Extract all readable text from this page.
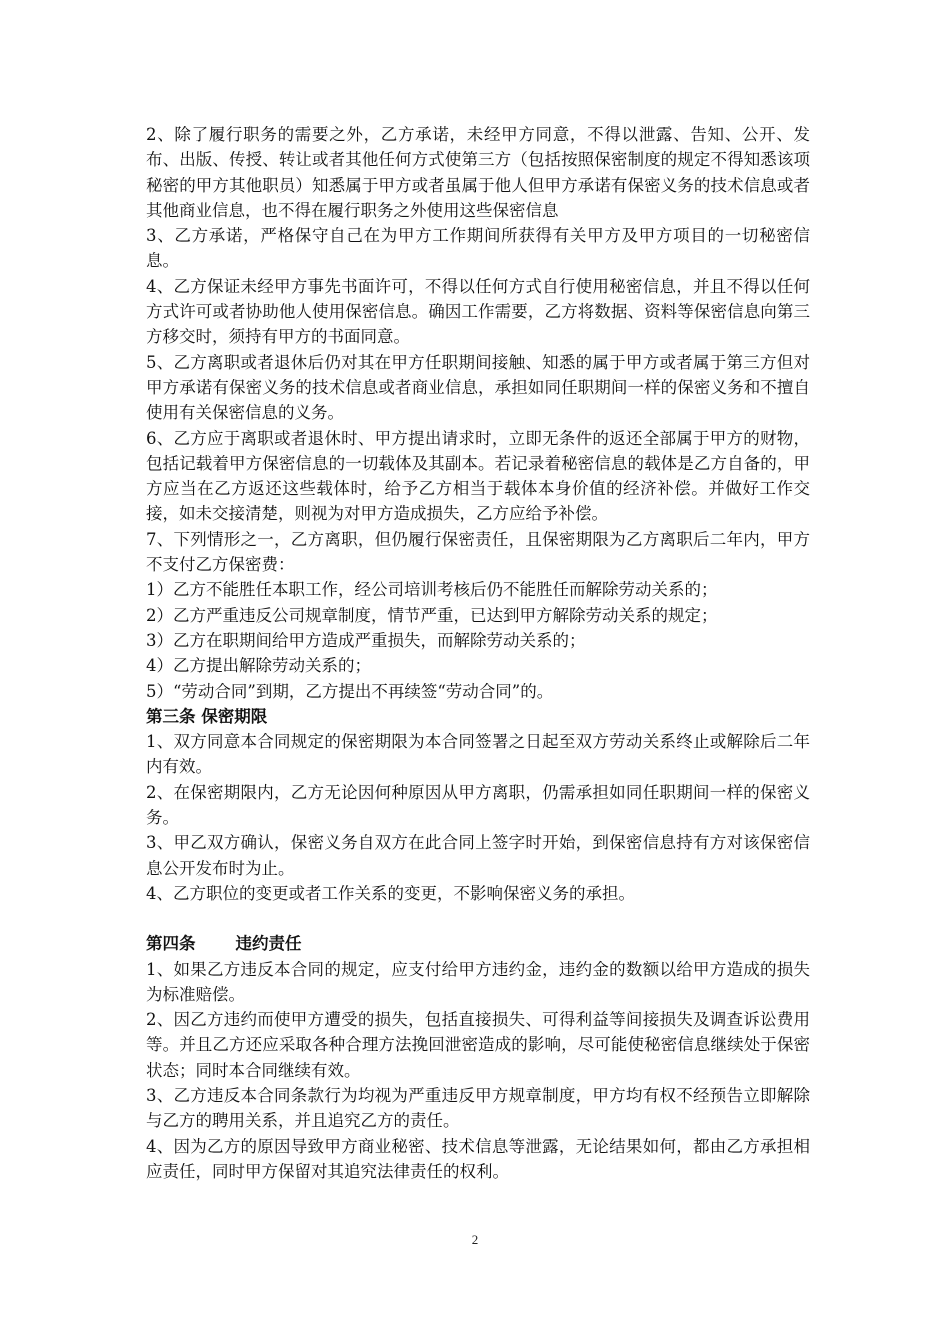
2、除了履行职务的需要之外，乙方承诺，未经甲方同意，不得以泄露、告知、公开、发布、出版、传授、转让或者其他任何方式使第三方（包括按照保密制度的规定不得知悉该项秘密的甲方其他职员）知悉属于甲方或者虽属于他人但甲方承诺有保密义务的技术信息或者其他商业信息，也不得在履行职务之外使用这些保密信息

3、乙方承诺，严格保守自己在为甲方工作期间所获得有关甲方及甲方项目的一切秘密信息。

4、乙方保证未经甲方事先书面许可，不得以任何方式自行使用秘密信息，并且不得以任何方式许可或者协助他人使用保密信息。确因工作需要，乙方将数据、资料等保密信息向第三方移交时，须持有甲方的书面同意。

5、乙方离职或者退休后仍对其在甲方任职期间接触、知悉的属于甲方或者属于第三方但对甲方承诺有保密义务的技术信息或者商业信息，承担如同任职期间一样的保密义务和不擅自使用有关保密信息的义务。

6、乙方应于离职或者退休时、甲方提出请求时，立即无条件的返还全部属于甲方的财物，包括记载着甲方保密信息的一切载体及其副本。若记录着秘密信息的载体是乙方自备的，甲方应当在乙方返还这些载体时，给予乙方相当于载体本身价值的经济补偿。并做好工作交接，如未交接清楚，则视为对甲方造成损失，乙方应给予补偿。

7、下列情形之一，乙方离职，但仍履行保密责任，且保密期限为乙方离职后二年内，甲方不支付乙方保密费：

1）乙方不能胜任本职工作，经公司培训考核后仍不能胜任而解除劳动关系的；

2）乙方严重违反公司规章制度，情节严重，已达到甲方解除劳动关系的规定；

3）乙方在职期间给甲方造成严重损失，而解除劳动关系的；

4）乙方提出解除劳动关系的；

5）“劳动合同”到期，乙方提出不再续签“劳动合同”的。

第三条 保密期限

1、双方同意本合同规定的保密期限为本合同签署之日起至双方劳动关系终止或解除后二年内有效。

2、在保密期限内，乙方无论因何种原因从甲方离职，仍需承担如同任职期间一样的保密义务。

3、甲乙双方确认，保密义务自双方在此合同上签字时开始，到保密信息持有方对该保密信息公开发布时为止。

4、乙方职位的变更或者工作关系的变更，不影响保密义务的承担。

第四条 违约责任

1、如果乙方违反本合同的规定，应支付给甲方违约金，违约金的数额以给甲方造成的损失为标准赔偿。

2、因乙方违约而使甲方遭受的损失，包括直接损失、可得利益等间接损失及调查诉讼费用等。并且乙方还应采取各种合理方法挽回泄密造成的影响，尽可能使秘密信息继续处于保密状态；同时本合同继续有效。

3、乙方违反本合同条款行为均视为严重违反甲方规章制度，甲方均有权不经预告立即解除与乙方的聘用关系，并且追究乙方的责任。

4、因为乙方的原因导致甲方商业秘密、技术信息等泄露，无论结果如何，都由乙方承担相应责任，同时甲方保留对其追究法律责任的权利。

2
